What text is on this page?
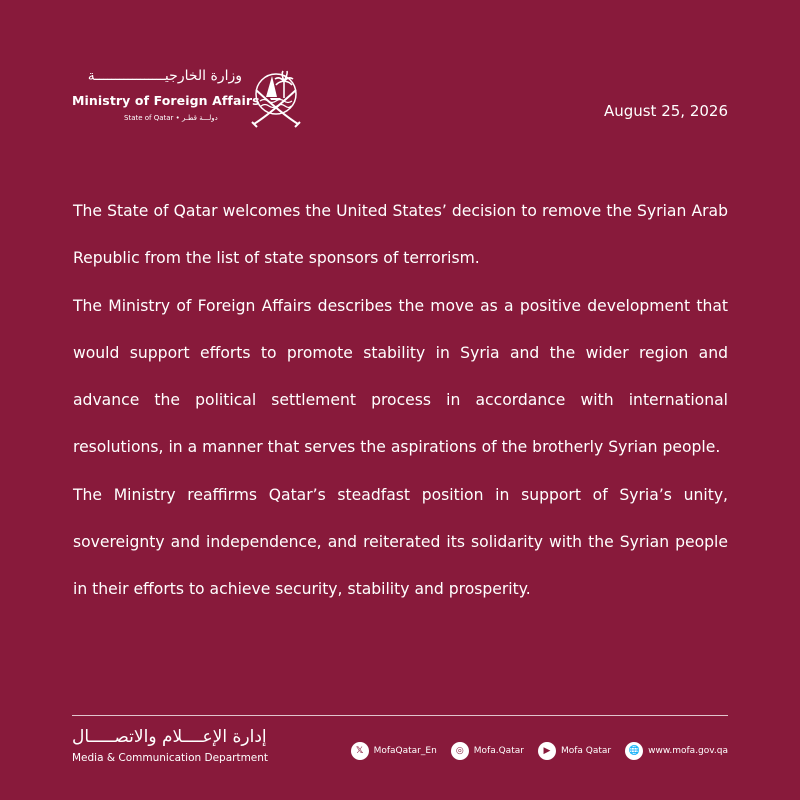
وزارة الخارجيـــــــــــــــــة
Ministry of Foreign Affairs
State of Qatar • دولـــة قطـر	August 25, 2026

The State of Qatar welcomes the United States’ decision to remove the Syrian Arab Republic from the list of state sponsors of terrorism.

The Ministry of Foreign Affairs describes the move as a positive development that would support efforts to promote stability in Syria and the wider region and advance the political settlement process in accordance with international resolutions, in a manner that serves the aspirations of the brotherly Syrian people.

The Ministry reaffirms Qatar’s steadfast position in support of Syria’s unity, sovereignty and independence, and reiterated its solidarity with the Syrian people in their efforts to achieve security, stability and prosperity.

إدارة الإعــــلام والاتصـــــال
Media & Communication Department
𝕏	MofaQatar_En	◎	Mofa.Qatar	▶	Mofa Qatar	🌐 www.mofa.gov.qa
